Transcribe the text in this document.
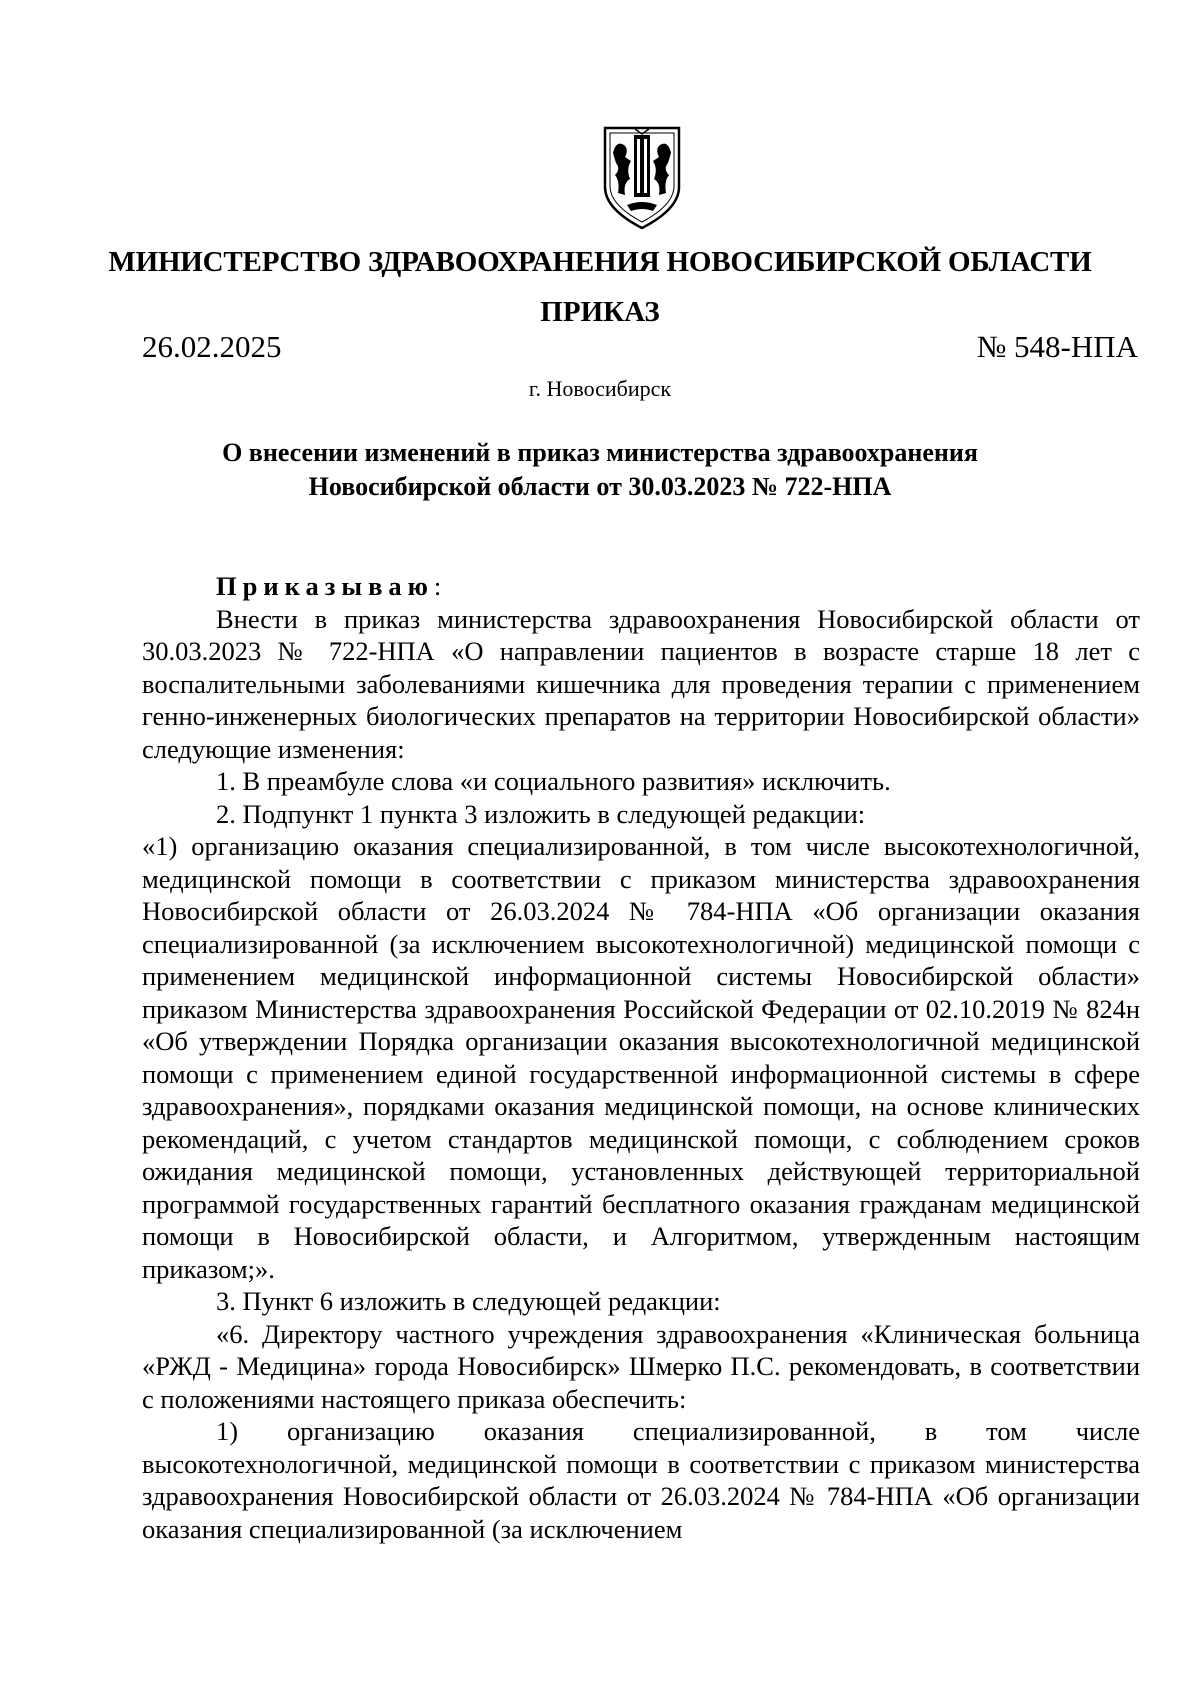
МИНИСТЕРСТВО ЗДРАВООХРАНЕНИЯ НОВОСИБИРСКОЙ ОБЛАСТИ
ПРИКАЗ
26.02.2025	№ 548-НПА
г. Новосибирск
О внесении изменений в приказ министерства здравоохранения
Новосибирской области от 30.03.2023 № 722-НПА

Приказываю:

Внести в приказ министерства здравоохранения Новосибирской области от 30.03.2023 № 722-НПА «О направлении пациентов в возрасте старше 18 лет с воспалительными заболеваниями кишечника для проведения терапии с применением генно-инженерных биологических препаратов на территории Новосибирской области» следующие изменения:

1. В преамбуле слова «и социального развития» исключить.

2. Подпункт 1 пункта 3 изложить в следующей редакции:

«1) организацию оказания специализированной, в том числе высокотехнологичной, медицинской помощи в соответствии с приказом министерства здравоохранения Новосибирской области от 26.03.2024 № 784-НПА «Об организации оказания специализированной (за исключением высокотехнологичной) медицинской помощи с применением медицинской информационной системы Новосибирской области» приказом Министерства здравоохранения Российской Федерации от 02.10.2019 № 824н «Об утверждении Порядка организации оказания высокотехнологичной медицинской помощи с применением единой государственной информационной системы в сфере здравоохранения», порядками оказания медицинской помощи, на основе клинических рекомендаций, с учетом стандартов медицинской помощи, с соблюдением сроков ожидания медицинской помощи, установленных действующей территориальной программой государственных гарантий бесплатного оказания гражданам медицинской помощи в Новосибирской области, и Алгоритмом, утвержденным настоящим приказом;».

3. Пункт 6 изложить в следующей редакции:

«6. Директору частного учреждения здравоохранения «Клиническая больница «РЖД - Медицина» города Новосибирск» Шмерко П.С. рекомендовать, в соответствии с положениями настоящего приказа обеспечить:

1) организацию оказания специализированной, в том числе высокотехнологичной, медицинской помощи в соответствии с приказом министерства здравоохранения Новосибирской области от 26.03.2024 № 784-НПА «Об организации оказания специализированной (за исключением
